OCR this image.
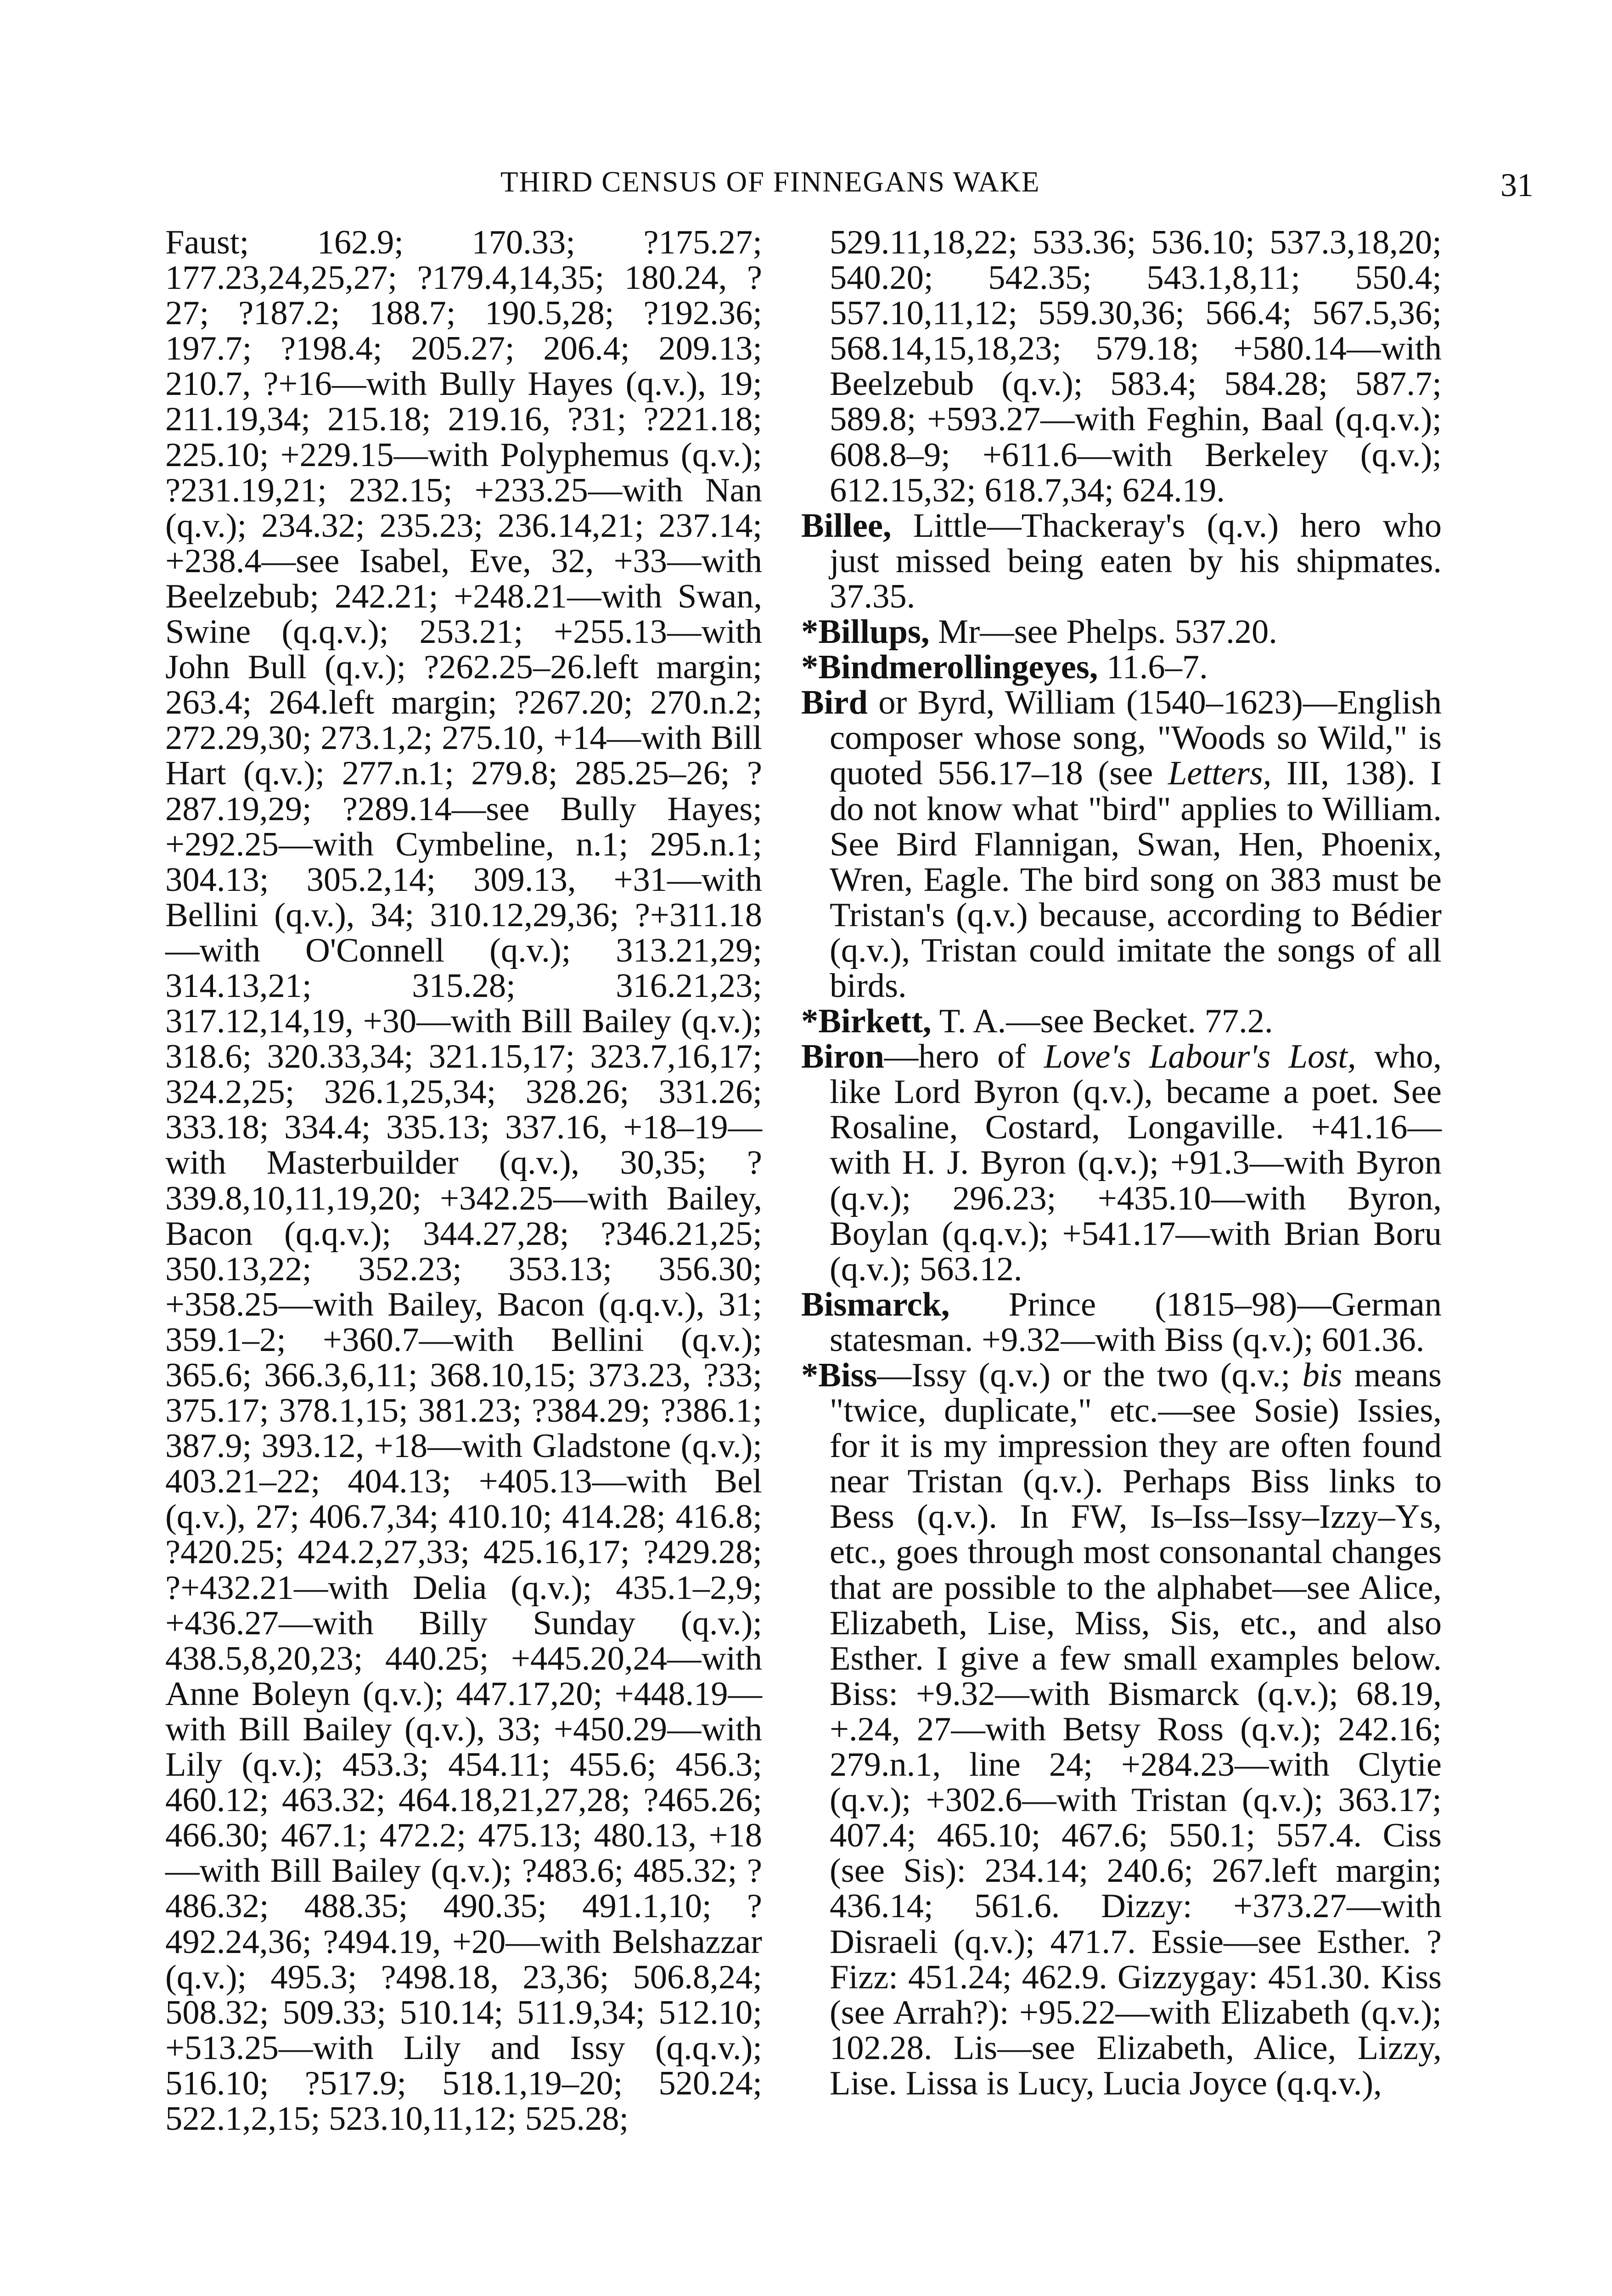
THIRD CENSUS OF FINNEGANS WAKE	31
Faust; 162.9; 170.33; ?175.27; 177.23,24,25,27; ?179.4,14,35; 180.24, ?27; ?187.2; 188.7; 190.5,28; ?192.36; 197.7; ?198.4; 205.27; 206.4; 209.13; 210.7, ?+16—with Bully Hayes (q.v.), 19; 211.19,34; 215.18; 219.16, ?31; ?221.18; 225.10; +229.15—with Polyphemus (q.v.); ?231.19,21; 232.15; +233.25—with Nan (q.v.); 234.32; 235.23; 236.14,21; 237.14; +238.4—see Isabel, Eve, 32, +33—with Beelzebub; 242.21; +248.21—with Swan, Swine (q.q.v.); 253.21; +255.13—with John Bull (q.v.); ?262.25–26.left margin; 263.4; 264.left margin; ?267.20; 270.n.2; 272.29,30; 273.1,2; 275.10, +14—with Bill Hart (q.v.); 277.n.1; 279.8; 285.25–26; ?287.19,29; ?289.14—see Bully Hayes; +292.25—with Cymbeline, n.1; 295.n.1; 304.13; 305.2,14; 309.13, +31—with Bellini (q.v.), 34; 310.12,29,36; ?+311.18—with O'Connell (q.v.); 313.21,29; 314.13,21; 315.28; 316.21,23; 317.12,14,19, +30—with Bill Bailey (q.v.); 318.6; 320.33,34; 321.15,17; 323.7,16,17; 324.2,25; 326.1,25,34; 328.26; 331.26; 333.18; 334.4; 335.13; 337.16, +18–19—with Masterbuilder (q.v.), 30,35; ?339.8,10,11,19,20; +342.25—with Bailey, Bacon (q.q.v.); 344.27,28; ?346.21,25; 350.13,22; 352.23; 353.13; 356.30; +358.25—with Bailey, Bacon (q.q.v.), 31; 359.1–2; +360.7—with Bellini (q.v.); 365.6; 366.3,6,11; 368.10,15; 373.23, ?33; 375.17; 378.1,15; 381.23; ?384.29; ?386.1; 387.9; 393.12, +18—with Gladstone (q.v.); 403.21–22; 404.13; +405.13—with Bel (q.v.), 27; 406.7,34; 410.10; 414.28; 416.8; ?420.25; 424.2,27,33; 425.16,17; ?429.28; ?+432.21—with Delia (q.v.); 435.1–2,9; +436.27—with Billy Sunday (q.v.); 438.5,8,20,23; 440.25; +445.20,24—with Anne Boleyn (q.v.); 447.17,20; +448.19—with Bill Bailey (q.v.), 33; +450.29—with Lily (q.v.); 453.3; 454.11; 455.6; 456.3; 460.12; 463.32; 464.18,21,27,28; ?465.26; 466.30; 467.1; 472.2; 475.13; 480.13, +18—with Bill Bailey (q.v.); ?483.6; 485.32; ?486.32; 488.35; 490.35; 491.1,10; ?492.24,36; ?494.19, +20—with Belshazzar (q.v.); 495.3; ?498.18, 23,36; 506.8,24; 508.32; 509.33; 510.14; 511.9,34; 512.10; +513.25—with Lily and Issy (q.q.v.); 516.10; ?517.9; 518.1,19–20; 520.24; 522.1,2,15; 523.10,11,12; 525.28;
529.11,18,22; 533.36; 536.10; 537.3,18,20; 540.20; 542.35; 543.1,8,11; 550.4; 557.10,11,12; 559.30,36; 566.4; 567.5,36; 568.14,15,18,23; 579.18; +580.14—with Beelzebub (q.v.); 583.4; 584.28; 587.7; 589.8; +593.27—with Feghin, Baal (q.q.v.); 608.8–9; +611.6—with Berkeley (q.v.); 612.15,32; 618.7,34; 624.19.
Billee, Little—Thackeray's (q.v.) hero who just missed being eaten by his shipmates. 37.35.
*Billups, Mr—see Phelps. 537.20.
*Bindmerollingeyes, 11.6–7.
Bird or Byrd, William (1540–1623)—English composer whose song, "Woods so Wild," is quoted 556.17–18 (see Letters, III, 138). I do not know what "bird" applies to William. See Bird Flannigan, Swan, Hen, Phoenix, Wren, Eagle. The bird song on 383 must be Tristan's (q.v.) because, according to Bédier (q.v.), Tristan could imitate the songs of all birds.
*Birkett, T. A.—see Becket. 77.2.
Biron—hero of Love's Labour's Lost, who, like Lord Byron (q.v.), became a poet. See Rosaline, Costard, Longaville. +41.16—with H. J. Byron (q.v.); +91.3—with Byron (q.v.); 296.23; +435.10—with Byron, Boylan (q.q.v.); +541.17—with Brian Boru (q.v.); 563.12.
Bismarck, Prince (1815–98)—German statesman. +9.32—with Biss (q.v.); 601.36.
*Biss—Issy (q.v.) or the two (q.v.; bis means "twice, duplicate," etc.—see Sosie) Issies, for it is my impression they are often found near Tristan (q.v.). Perhaps Biss links to Bess (q.v.). In FW, Is–Iss–Issy–Izzy–Ys, etc., goes through most consonantal changes that are possible to the alphabet—see Alice, Elizabeth, Lise, Miss, Sis, etc., and also Esther. I give a few small examples below. Biss: +9.32—with Bismarck (q.v.); 68.19, +.24, 27—with Betsy Ross (q.v.); 242.16; 279.n.1, line 24; +284.23—with Clytie (q.v.); +302.6—with Tristan (q.v.); 363.17; 407.4; 465.10; 467.6; 550.1; 557.4. Ciss (see Sis): 234.14; 240.6; 267.left margin; 436.14; 561.6. Dizzy: +373.27—with Disraeli (q.v.); 471.7. Essie—see Esther. ?Fizz: 451.24; 462.9. Gizzygay: 451.30. Kiss (see Arrah?): +95.22—with Elizabeth (q.v.); 102.28. Lis—see Elizabeth, Alice, Lizzy, Lise. Lissa is Lucy, Lucia Joyce (q.q.v.),
